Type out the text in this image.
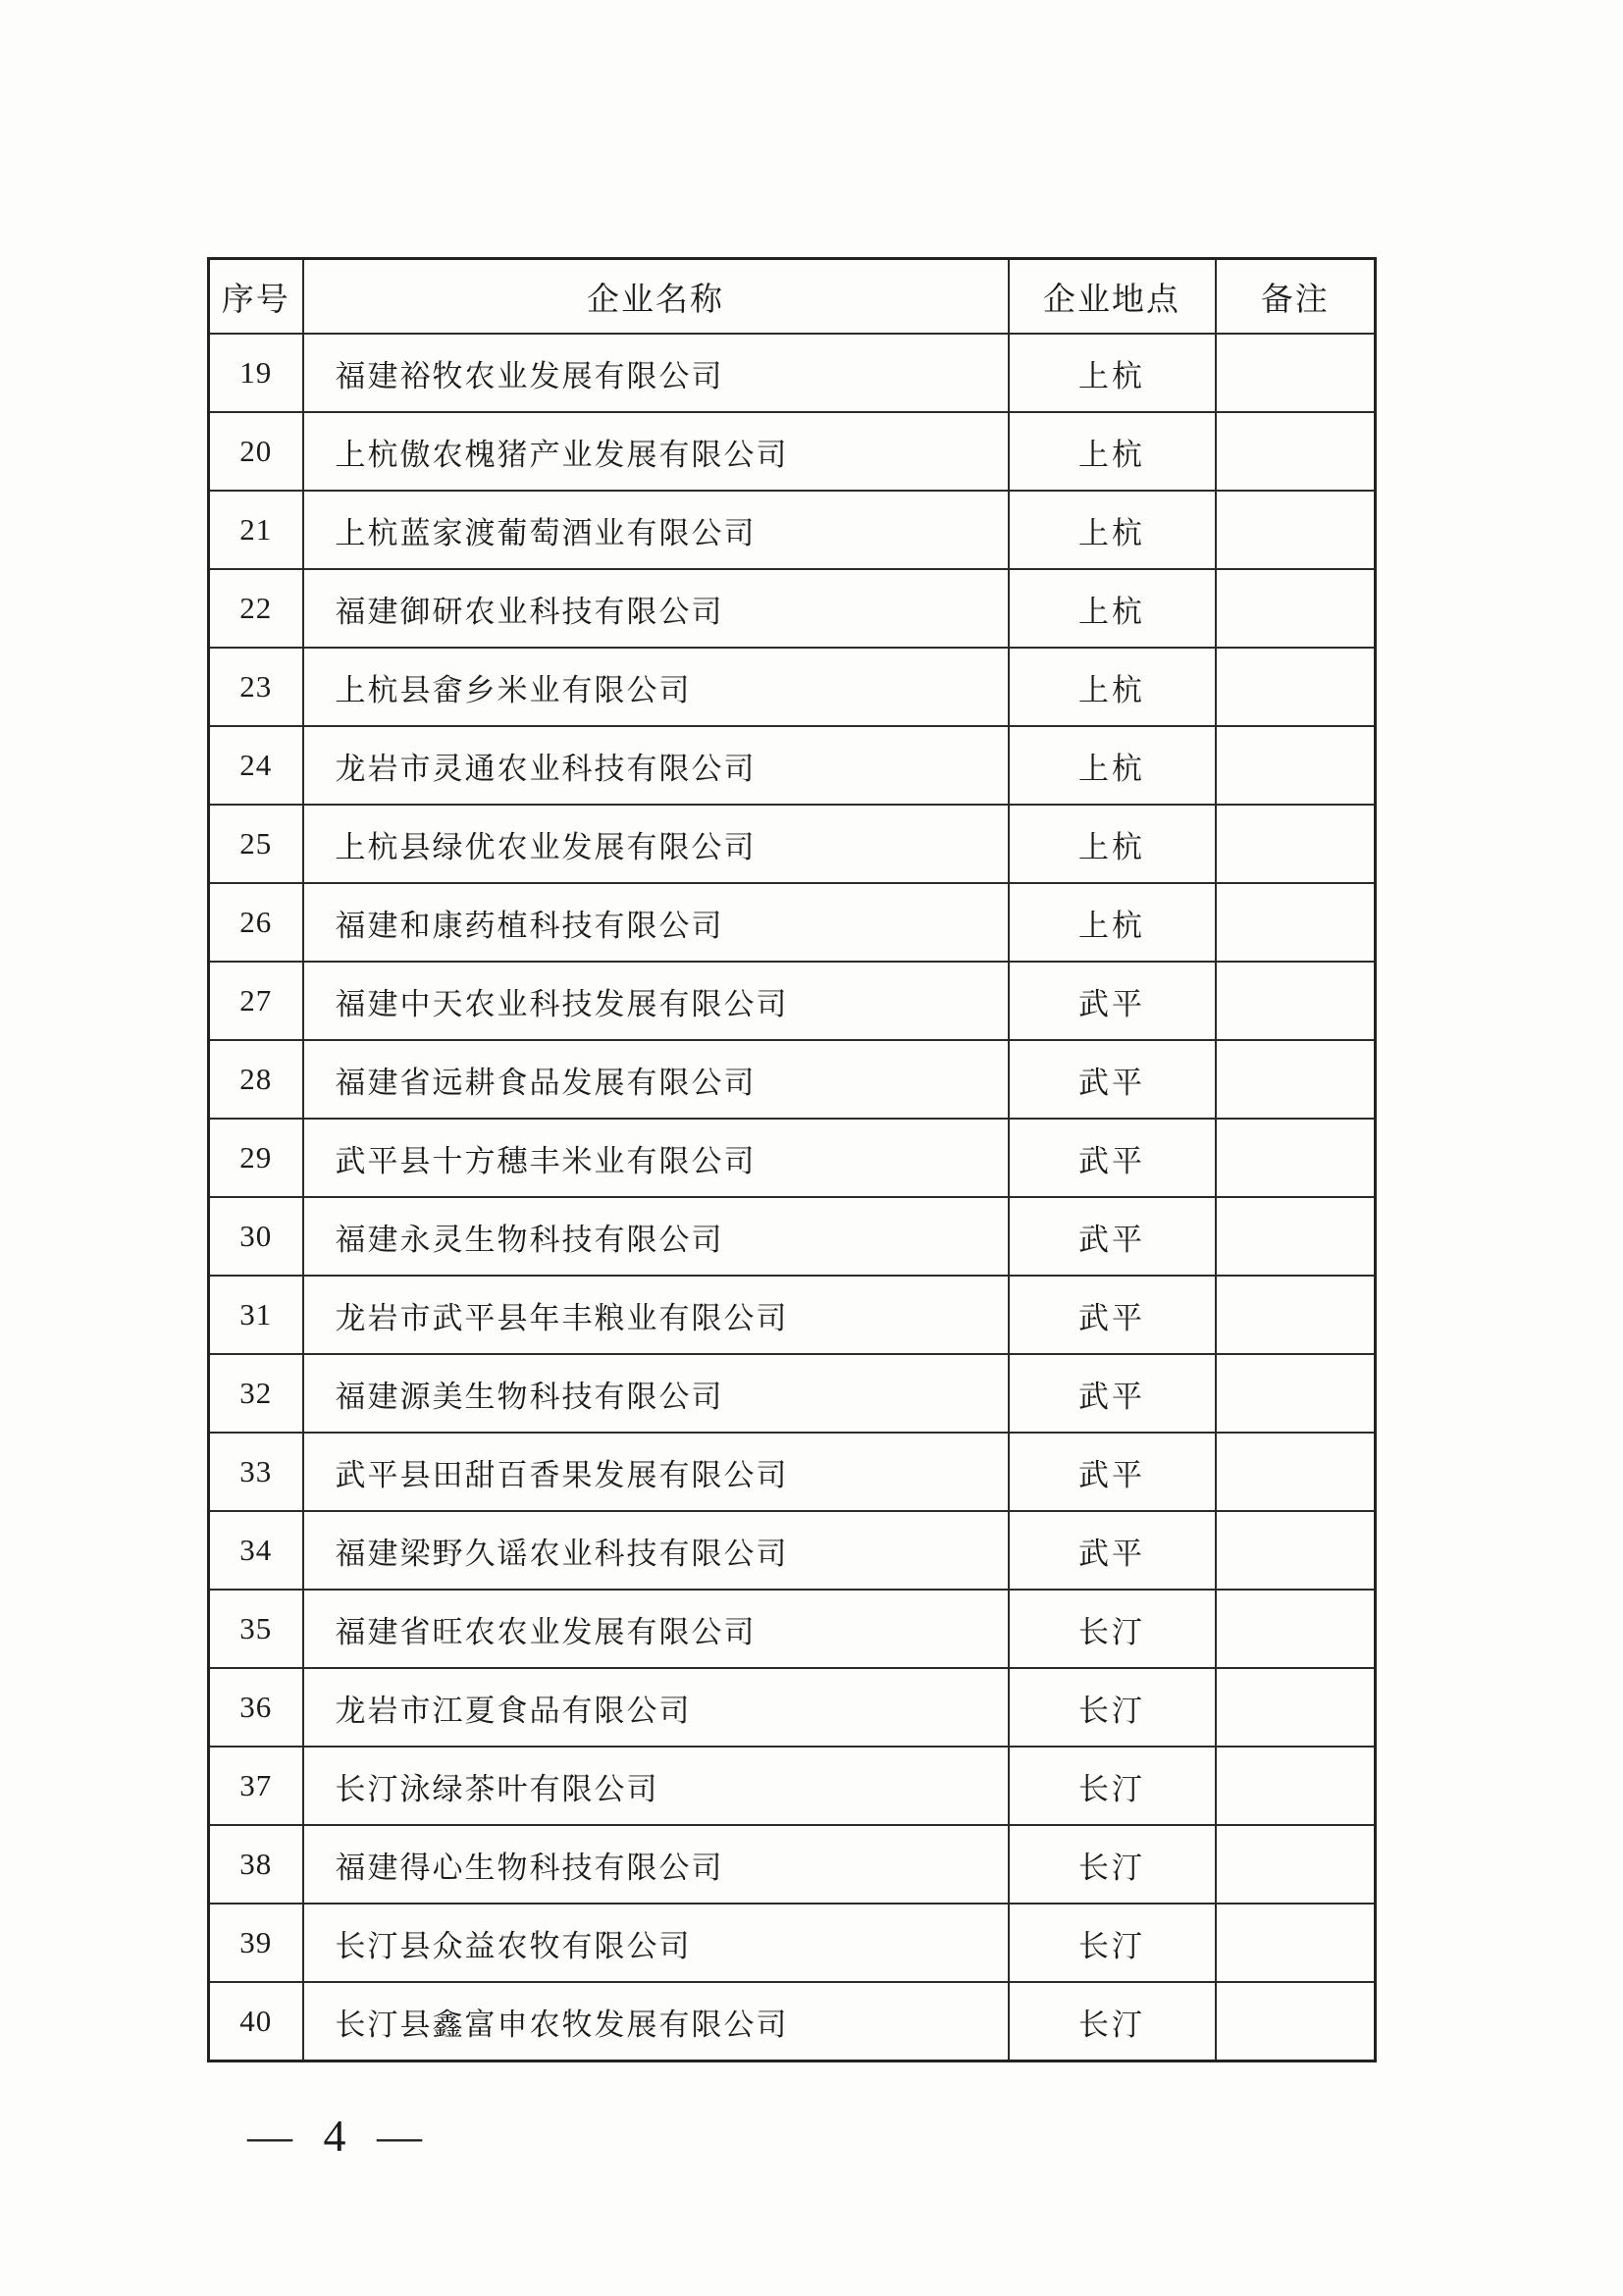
序号	企业名称	企业地点	备注
19	福建裕牧农业发展有限公司	上杭	
20	上杭傲农槐猪产业发展有限公司	上杭	
21	上杭蓝家渡葡萄酒业有限公司	上杭	
22	福建御研农业科技有限公司	上杭	
23	上杭县畲乡米业有限公司	上杭	
24	龙岩市灵通农业科技有限公司	上杭	
25	上杭县绿优农业发展有限公司	上杭	
26	福建和康药植科技有限公司	上杭	
27	福建中天农业科技发展有限公司	武平	
28	福建省远耕食品发展有限公司	武平	
29	武平县十方穗丰米业有限公司	武平	
30	福建永灵生物科技有限公司	武平	
31	龙岩市武平县年丰粮业有限公司	武平	
32	福建源美生物科技有限公司	武平	
33	武平县田甜百香果发展有限公司	武平	
34	福建梁野久谣农业科技有限公司	武平	
35	福建省旺农农业发展有限公司	长汀	
36	龙岩市江夏食品有限公司	长汀	
37	长汀泳绿茶叶有限公司	长汀	
38	福建得心生物科技有限公司	长汀	
39	长汀县众益农牧有限公司	长汀	
40	长汀县鑫富申农牧发展有限公司	长汀	
— 4 —
